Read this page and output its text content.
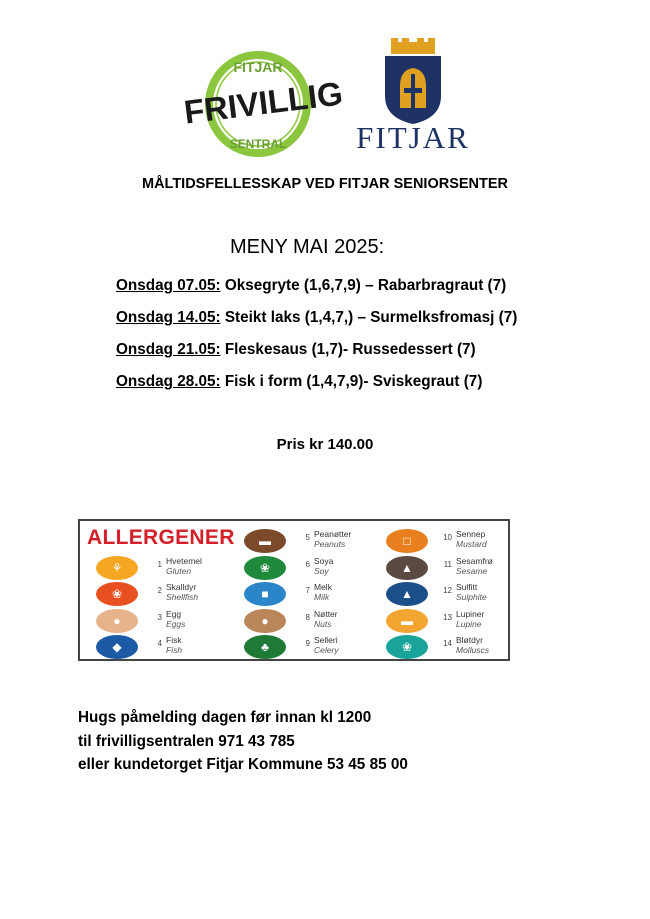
FITJAR
FRIVILLIG
SENTRAL FITJAR
MÅLTIDSFELLESSKAP VED FITJAR SENIORSENTER
MENY MAI 2025:
Onsdag 07.05: Oksegryte (1,6,7,9) – Rabarbragraut (7)
Onsdag 14.05: Steikt laks (1,4,7,) – Surmelksfromasj (7)
Onsdag 21.05: Fleskesaus (1,7)- Russedessert (7)
Onsdag 28.05: Fisk i form (1,4,7,9)- Sviskegraut (7)
Pris kr 140.00
ALLERGENER
⚘	1 Hvetemel
Gluten
❀	2 Skalldyr
Shellfish
●	3 Egg
Eggs
◆	4 Fisk
Fish
▬	5 Peanøtter
Peanuts
❀	6 Soya
Soy
■	7 Melk
Milk
●	8 Nøtter
Nuts
♣	9 Selleri
Celery
□	10 Sennep
Mustard
▲	11 Sesamfrø
Sesame
▲	12 Sulfitt
Sulphite
▬	13 Lupiner
Lupine
❀	14 Bløtdyr
Molluscs
Hugs påmelding dagen før innan kl 1200
til frivilligsentralen 971 43 785
eller kundetorget Fitjar Kommune 53 45 85 00
